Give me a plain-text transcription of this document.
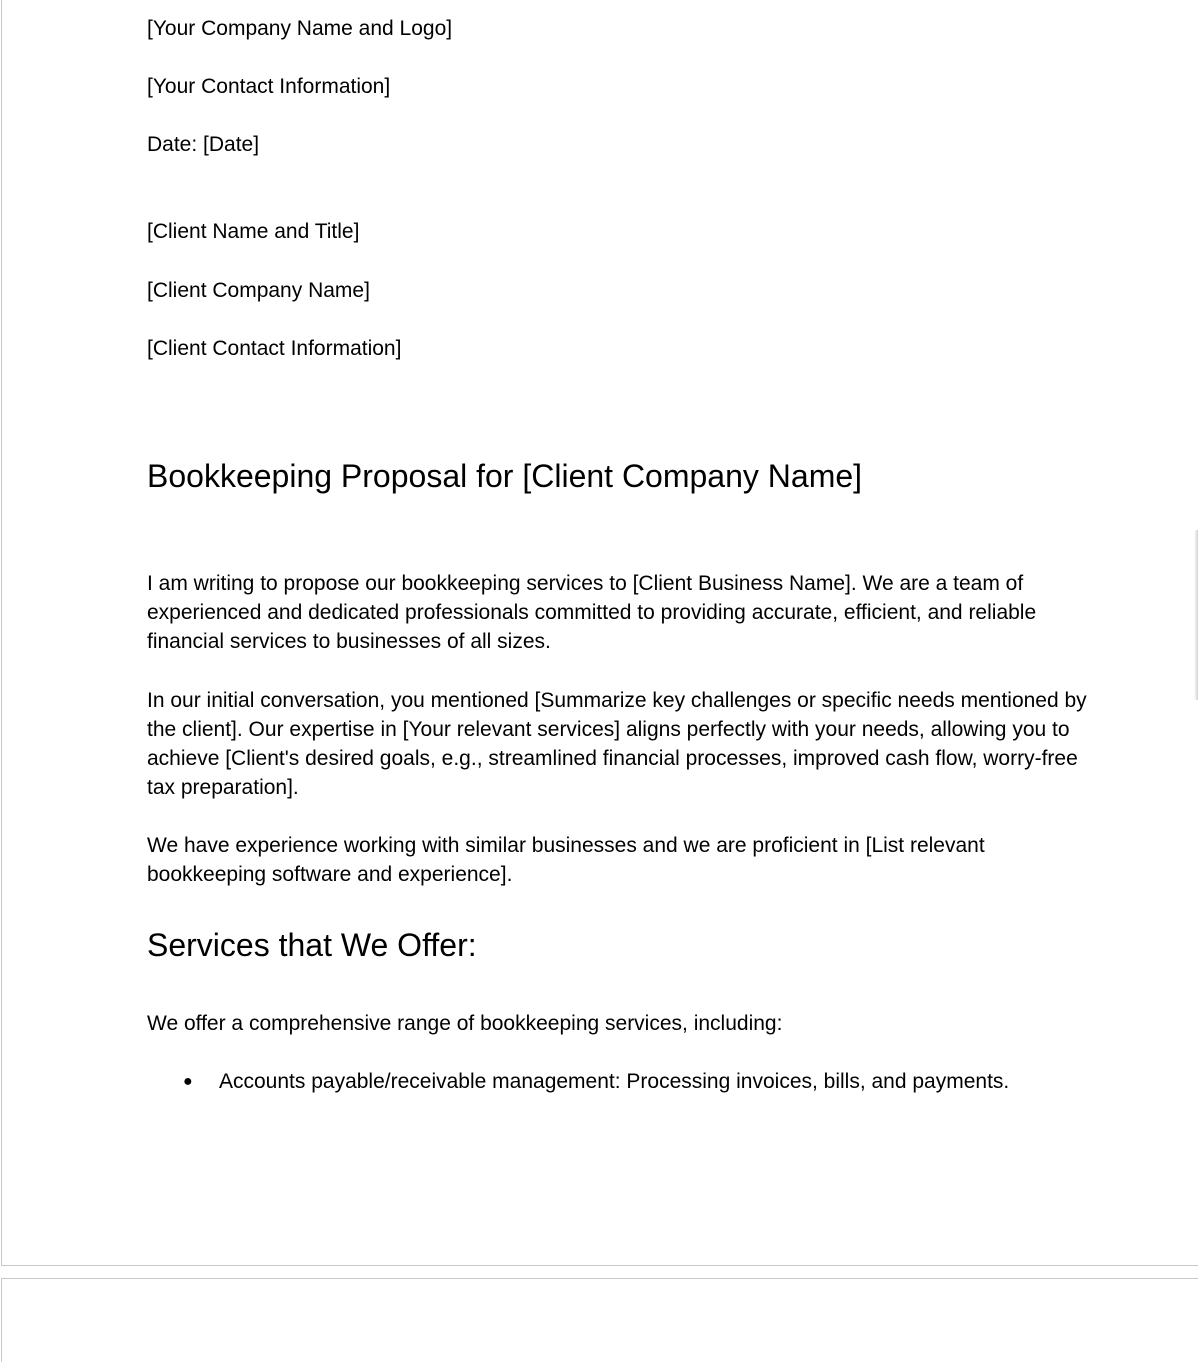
[Your Company Name and Logo]
[Your Contact Information]
Date: [Date]
[Client Name and Title]
[Client Company Name]
[Client Contact Information]
Bookkeeping Proposal for [Client Company Name]
I am writing to propose our bookkeeping services to [Client Business Name]. We are a team of experienced and dedicated professionals committed to providing accurate, efficient, and reliable financial services to businesses of all sizes.
In our initial conversation, you mentioned [Summarize key challenges or specific needs mentioned by the client]. Our expertise in [Your relevant services] aligns perfectly with your needs, allowing you to achieve [Client's desired goals, e.g., streamlined financial processes, improved cash flow, worry-free tax preparation].
We have experience working with similar businesses and we are proficient in [List relevant bookkeeping software and experience].
Services that We Offer:
We offer a comprehensive range of bookkeeping services, including:
● Accounts payable/receivable management: Processing invoices, bills, and payments.
